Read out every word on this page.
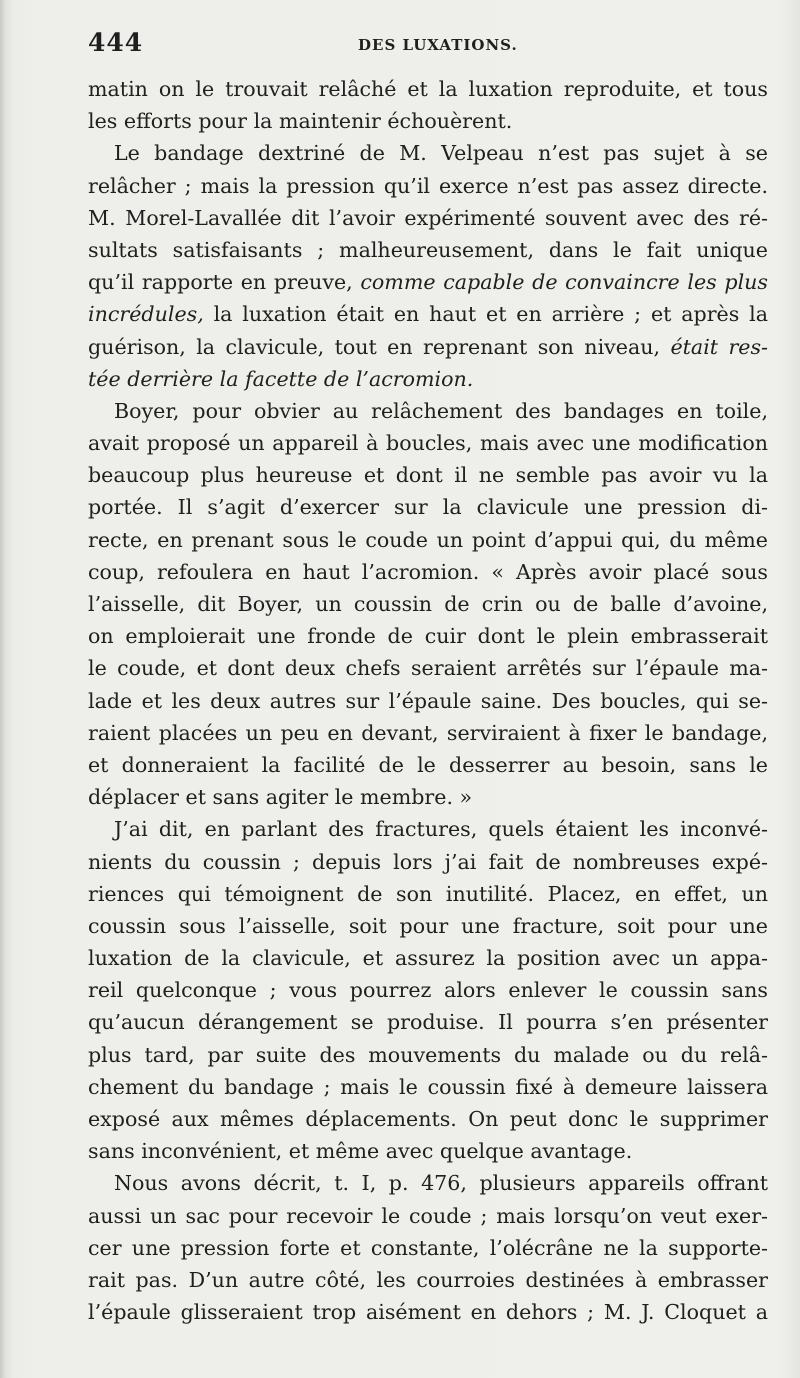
444	DES LUXATIONS.
matin on le trouvait relâché et la luxation reproduite, et tous
les efforts pour la maintenir échouèrent.
Le bandage dextriné de M. Velpeau n’est pas sujet à se
relâcher ; mais la pression qu’il exerce n’est pas assez directe.
M. Morel-Lavallée dit l’avoir expérimenté souvent avec des ré-
sultats satisfaisants ; malheureusement, dans le fait unique
qu’il rapporte en preuve, comme capable de convaincre les plus
incrédules, la luxation était en haut et en arrière ; et après la
guérison, la clavicule, tout en reprenant son niveau, était res-
tée derrière la facette de l’acromion.
Boyer, pour obvier au relâchement des bandages en toile,
avait proposé un appareil à boucles, mais avec une modification
beaucoup plus heureuse et dont il ne semble pas avoir vu la
portée. Il s’agit d’exercer sur la clavicule une pression di-
recte, en prenant sous le coude un point d’appui qui, du même
coup, refoulera en haut l’acromion. « Après avoir placé sous
l’aisselle, dit Boyer, un coussin de crin ou de balle d’avoine,
on emploierait une fronde de cuir dont le plein embrasserait
le coude, et dont deux chefs seraient arrêtés sur l’épaule ma-
lade et les deux autres sur l’épaule saine. Des boucles, qui se-
raient placées un peu en devant, serviraient à fixer le bandage,
et donneraient la facilité de le desserrer au besoin, sans le
déplacer et sans agiter le membre. »
J’ai dit, en parlant des fractures, quels étaient les inconvé-
nients du coussin ; depuis lors j’ai fait de nombreuses expé-
riences qui témoignent de son inutilité. Placez, en effet, un
coussin sous l’aisselle, soit pour une fracture, soit pour une
luxation de la clavicule, et assurez la position avec un appa-
reil quelconque ; vous pourrez alors enlever le coussin sans
qu’aucun dérangement se produise. Il pourra s’en présenter
plus tard, par suite des mouvements du malade ou du relâ-
chement du bandage ; mais le coussin fixé à demeure laissera
exposé aux mêmes déplacements. On peut donc le supprimer
sans inconvénient, et même avec quelque avantage.
Nous avons décrit, t. I, p. 476, plusieurs appareils offrant
aussi un sac pour recevoir le coude ; mais lorsqu’on veut exer-
cer une pression forte et constante, l’olécrâne ne la supporte-
rait pas. D’un autre côté, les courroies destinées à embrasser
l’épaule glisseraient trop aisément en dehors ; M. J. Cloquet a
